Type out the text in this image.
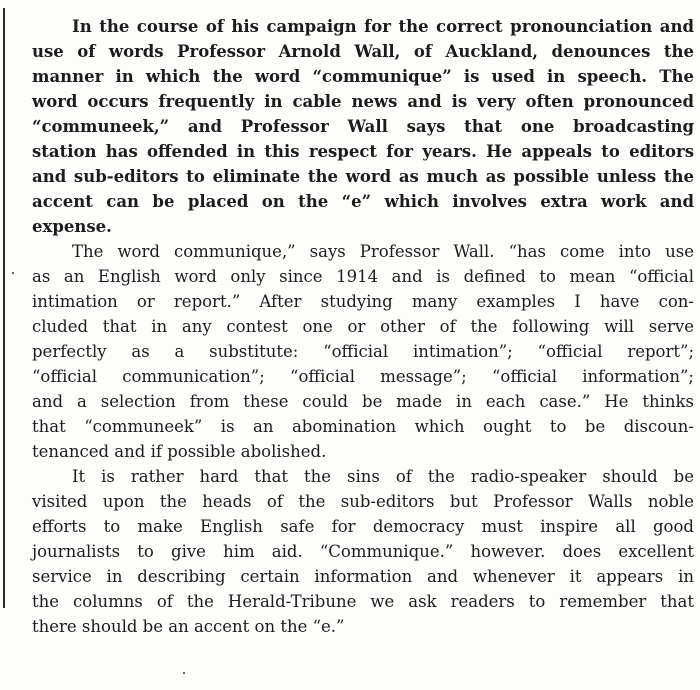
In the course of his campaign for the correct pronounciation and
use of words Professor Arnold Wall, of Auckland, denounces the
manner in which the word “communique” is used in speech. The
word occurs frequently in cable news and is very often pronounced
“communeek,” and Professor Wall says that one broadcasting
station has offended in this respect for years. He appeals to editors
and sub-editors to eliminate the word as much as possible unless the
accent can be placed on the “e” which involves extra work and
expense.
The word communique,” says Professor Wall. “has come into use
as an English word only since 1914 and is defined to mean “official
intimation or report.” After studying many examples I have con-
cluded that in any contest one or other of the following will serve
perfectly as a substitute: “official intimation”; “official report”;
“official communication”; “official message”; “official information”;
and a selection from these could be made in each case.” He thinks
that “communeek” is an abomination which ought to be discoun-
tenanced and if possible abolished.
It is rather hard that the sins of the radio-speaker should be
visited upon the heads of the sub-editors but Professor Walls noble
efforts to make English safe for democracy must inspire all good
journalists to give him aid. “Communique.” however. does excellent
service in describing certain information and whenever it appears in
the columns of the Herald-Tribune we ask readers to remember that
there should be an accent on the “e.”
